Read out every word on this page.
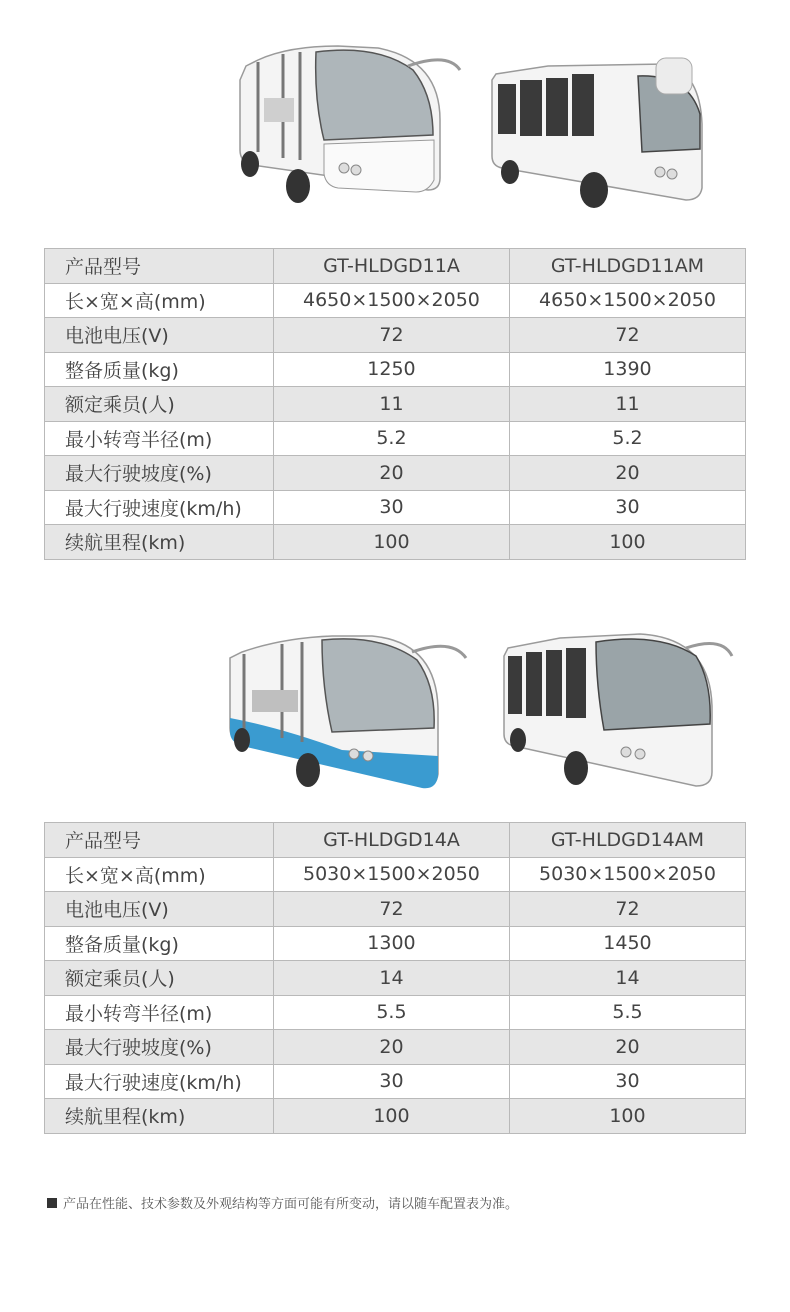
产品型号	GT-HLDGD11A	GT-HLDGD11AM
长×宽×高(mm)	4650×1500×2050	4650×1500×2050
电池电压(V)	72	72
整备质量(kg)	1250	1390
额定乘员(人)	11	11
最小转弯半径(m)	5.2	5.2
最大行驶坡度(%)	20	20
最大行驶速度(km/h)	30	30
续航里程(km)	100	100
产品型号	GT-HLDGD14A	GT-HLDGD14AM
长×宽×高(mm)	5030×1500×2050	5030×1500×2050
电池电压(V)	72	72
整备质量(kg)	1300	1450
额定乘员(人)	14	14
最小转弯半径(m)	5.5	5.5
最大行驶坡度(%)	20	20
最大行驶速度(km/h)	30	30
续航里程(km)	100	100
产品在性能、技术参数及外观结构等方面可能有所变动，请以随车配置表为准。
